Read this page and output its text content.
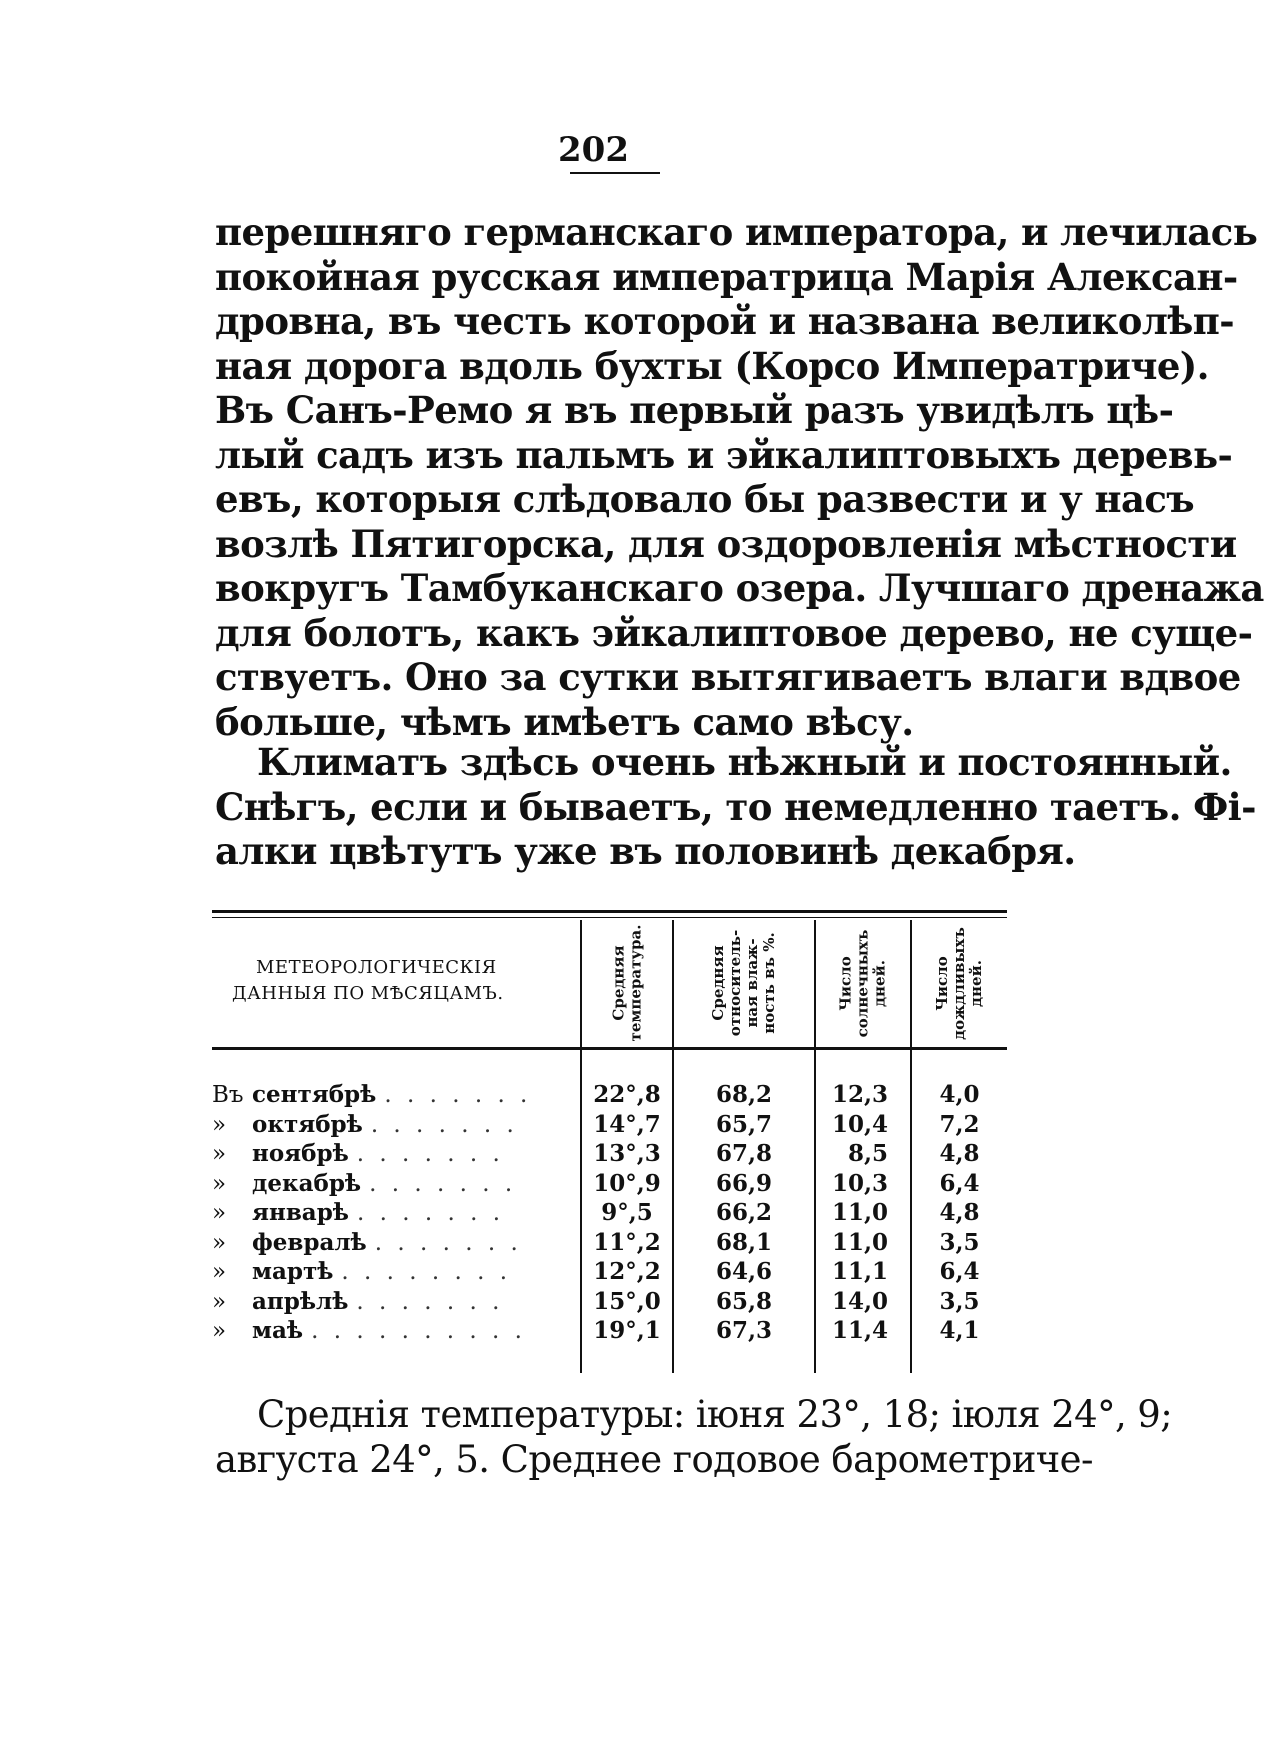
202
перешняго германскаго императора, и лечилась
покойная русская императрица Марія Алексан-
дровна, въ честь которой и названа великолѣп-
ная дорога вдоль бухты (Корсо Императриче).
Въ Санъ-Ремо я въ первый разъ увидѣлъ цѣ-
лый садъ изъ пальмъ и эйкалиптовыхъ деревь-
евъ, которыя слѣдовало бы развести и у насъ
возлѣ Пятигорска, для оздоровленія мѣстности
вокругъ Тамбуканскаго озера. Лучшаго дренажа
для болотъ, какъ эйкалиптовое дерево, не суще-
ствуетъ. Оно за сутки вытягиваетъ влаги вдвое
больше, чѣмъ имѣетъ само вѣсу.
Климатъ здѣсь очень нѣжный и постоянный.
Снѣгъ, если и бываетъ, то немедленно таетъ. Фі-
алки цвѣтутъ уже въ половинѣ декабря.
МЕТЕОРОЛОГИЧЕСКІЯ
ДАННЫЯ ПО МѢСЯЦАМЪ.	Средняя температура.	Средняя относитель- ная влаж- ность въ %.	Число солнечныхъ дней.	Число дождливыхъ дней.
Въ сентябрѣ . . . . . . .	22°,8	68,2	12,3	4,0
» октябрѣ . . . . . . .	14°,7	65,7	10,4	7,2
» ноябрѣ . . . . . . .	13°,3	67,8	8,5	4,8
» декабрѣ . . . . . . .	10°,9	66,9	10,3	6,4
» январѣ . . . . . . .	9°,5	66,2	11,0	4,8
» февралѣ . . . . . . .	11°,2	68,1	11,0	3,5
» мартѣ . . . . . . . .	12°,2	64,6	11,1	6,4
» апрѣлѣ . . . . . . .	15°,0	65,8	14,0	3,5
» маѣ . . . . . . . . . .	19°,1	67,3	11,4	4,1
Среднія температуры: іюня 23°, 18; іюля 24°, 9;
августа 24°, 5. Среднее годовое барометриче-
